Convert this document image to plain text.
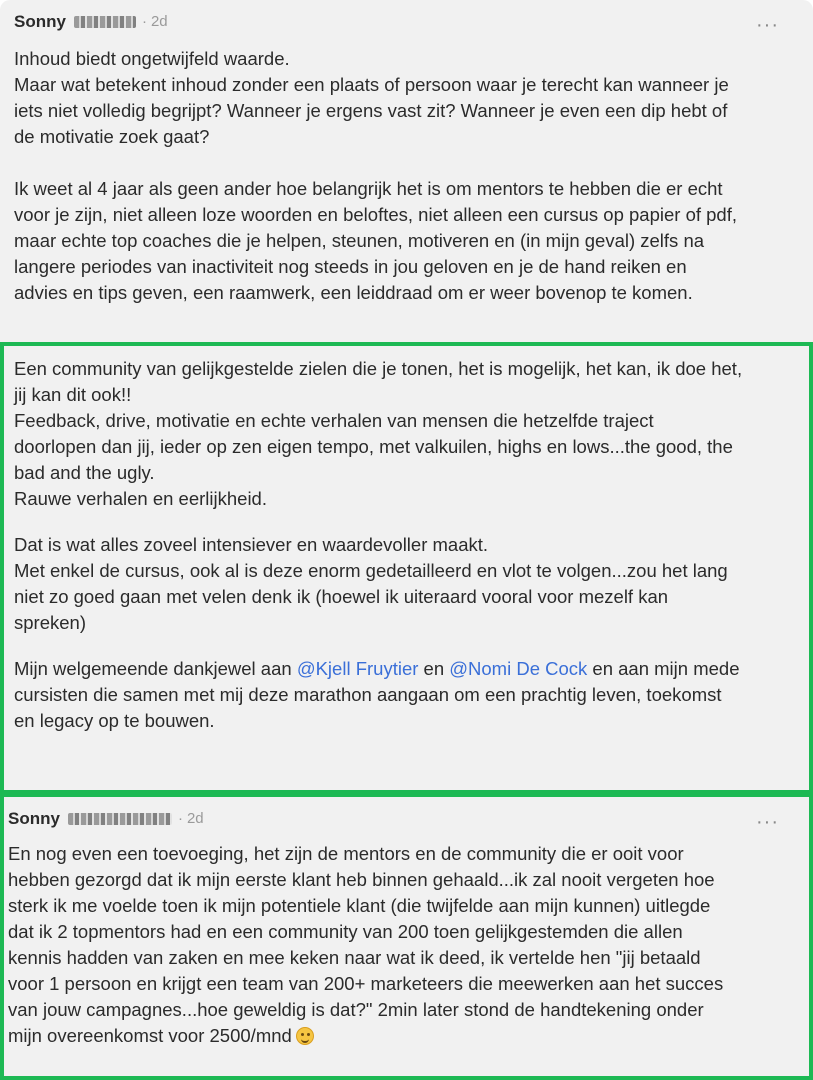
Sonny	· 2d	···

Inhoud biedt ongetwijfeld waarde.
Maar wat betekent inhoud zonder een plaats of persoon waar je terecht kan wanneer je
iets niet volledig begrijpt? Wanneer je ergens vast zit? Wanneer je even een dip hebt of
de motivatie zoek gaat?

Ik weet al 4 jaar als geen ander hoe belangrijk het is om mentors te hebben die er echt
voor je zijn, niet alleen loze woorden en beloftes, niet alleen een cursus op papier of pdf,
maar echte top coaches die je helpen, steunen, motiveren en (in mijn geval) zelfs na
langere periodes van inactiviteit nog steeds in jou geloven en je de hand reiken en
advies en tips geven, een raamwerk, een leiddraad om er weer bovenop te komen.

Een community van gelijkgestelde zielen die je tonen, het is mogelijk, het kan, ik doe het,
jij kan dit ook!!
Feedback, drive, motivatie en echte verhalen van mensen die hetzelfde traject
doorlopen dan jij, ieder op zen eigen tempo, met valkuilen, highs en lows...the good, the
bad and the ugly.
Rauwe verhalen en eerlijkheid.

Dat is wat alles zoveel intensiever en waardevoller maakt.
Met enkel de cursus, ook al is deze enorm gedetailleerd en vlot te volgen...zou het lang
niet zo goed gaan met velen denk ik (hoewel ik uiteraard vooral voor mezelf kan
spreken)

Mijn welgemeende dankjewel aan @Kjell Fruytier en @Nomi De Cock en aan mijn mede
cursisten die samen met mij deze marathon aangaan om een prachtig leven, toekomst
en legacy op te bouwen.

Sonny	· 2d	···

En nog even een toevoeging, het zijn de mentors en de community die er ooit voor
hebben gezorgd dat ik mijn eerste klant heb binnen gehaald...ik zal nooit vergeten hoe
sterk ik me voelde toen ik mijn potentiele klant (die twijfelde aan mijn kunnen) uitlegde
dat ik 2 topmentors had en een community van 200 toen gelijkgestemden die allen
kennis hadden van zaken en mee keken naar wat ik deed, ik vertelde hen "jij betaald
voor 1 persoon en krijgt een team van 200+ marketeers die meewerken aan het succes
van jouw campagnes...hoe geweldig is dat?" 2min later stond de handtekening onder
mijn overeenkomst voor 2500/mnd
